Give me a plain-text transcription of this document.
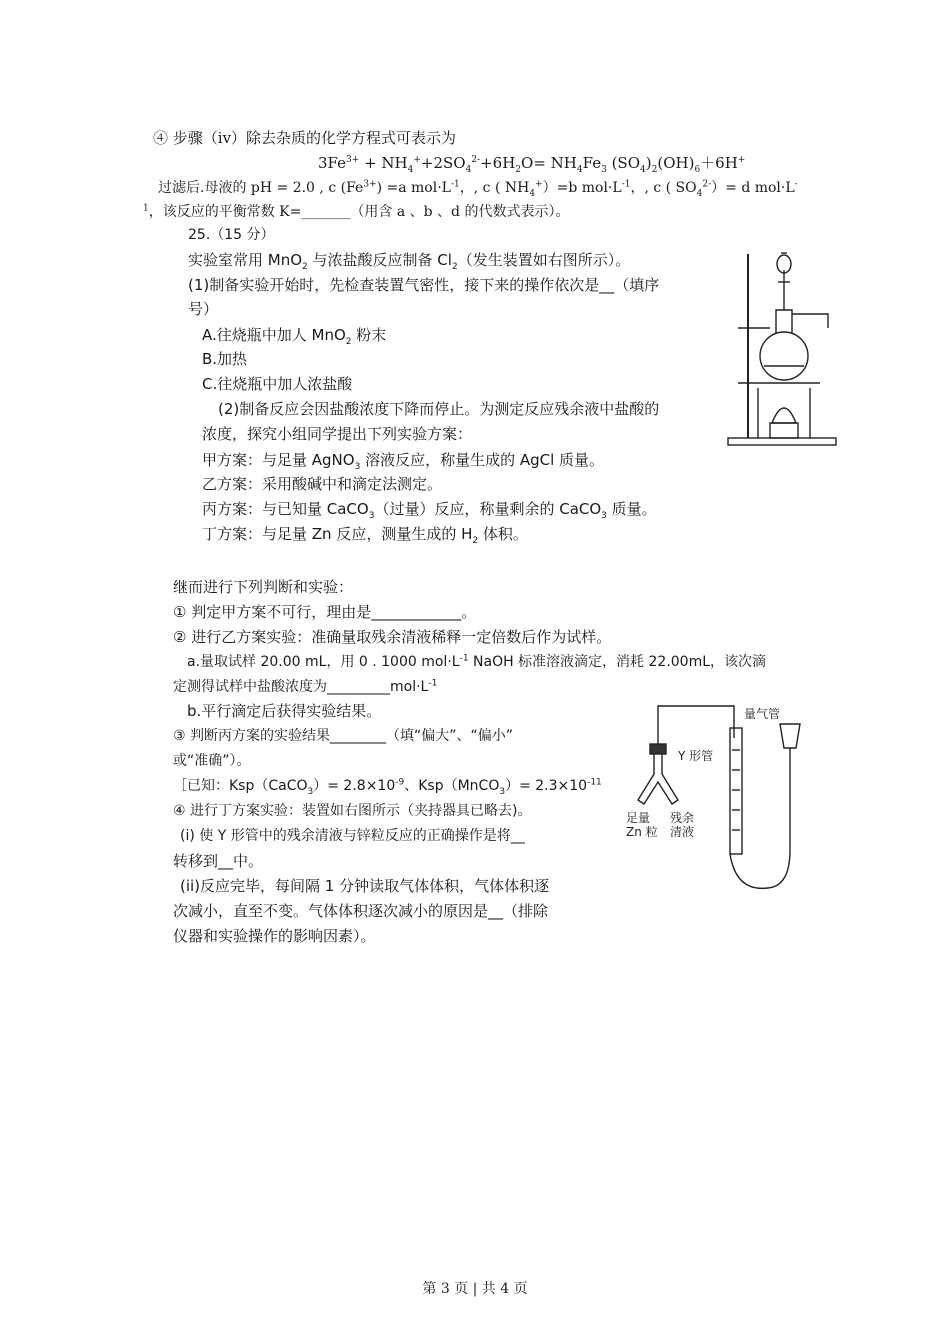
④ 步骤（iv）除去杂质的化学方程式可表示为
$3Fe^{3+} + NH_4^++2SO_4^{2-}+6H_2O= NH_4Fe_3$ $(SO_4)_2(OH)_6+6H^+$
过滤后.母液的 pH = 2.0 , c $(Fe^{3+}) =a$ $mol\cdot L^{-1}$，, c ( $NH_4^+)=b$ $mol\cdot L^{-1}$，, c ( $SO_4^{2-})= d$ mol·L-
$^1$，该反应的平衡常数 K=_______（用含 a 、b 、d 的代数式表示）。
25.（15 分）
实验室常用 MnO$_2$ 与浓盐酸反应制备 $Cl_2$（发生装置如右图所示）。
(1)制备实验开始时，先检查装置气密性，接下来的操作依次是__（填序
号）
A.往烧瓶中加人 MnO$_2$ 粉末
B.加热
C.往烧瓶中加人浓盐酸
(2)制备反应会因盐酸浓度下降而停止。为测定反应残余液中盐酸的
浓度，探究小组同学提出下列实验方案：
甲方案：与足量 AgNO$_3$ 溶液反应，称量生成的 AgCl 质量。
乙方案：采用酸碱中和滴定法测定。
丙方案：与已知量 CaCO$_3$（过量）反应，称量剩余的 CaCO$_3$ 质量。
丁方案：与足量 Zn 反应，测量生成的 $H_2$ 体积。
继而进行下列判断和实验：
① 判定甲方案不可行，理由是____________。
② 进行乙方案实验：准确量取残余清液稀释一定倍数后作为试样。
a.量取试样 20.00 mL，用 0 . 1000 $mol\cdot L^{-1}$ NaOH 标准溶液滴定，消耗 22.00mL，该次滴
定测得试样中盐酸浓度为$\_\_\_\_\_\_\_\_\_mol\cdot L^{-1}$
b.平行滴定后获得实验结果。
③ 判断丙方案的实验结果________（填“偏大”、“偏小”
或“准确”）。
［已知：Ksp（CaCO$_3$）= $2.8\times 10^{-9}$、Ksp（MnCO$_3$）= $2.3\times 10^{-11}$
④ 进行丁方案实验：装置如右图所示（夹持器具已略去)。
(i) 使 Y 形管中的残余清液与锌粒反应的正确操作是将__
转移到__中。
(ii)反应完毕，每间隔 1 分钟读取气体体积，气体体积逐
次减小，直至不变。气体体积逐次减小的原因是__（排除
仪器和实验操作的影响因素）。
量气管
Y 形管
足量
Zn 粒
残余
清液
第 3 页 | 共 4 页
